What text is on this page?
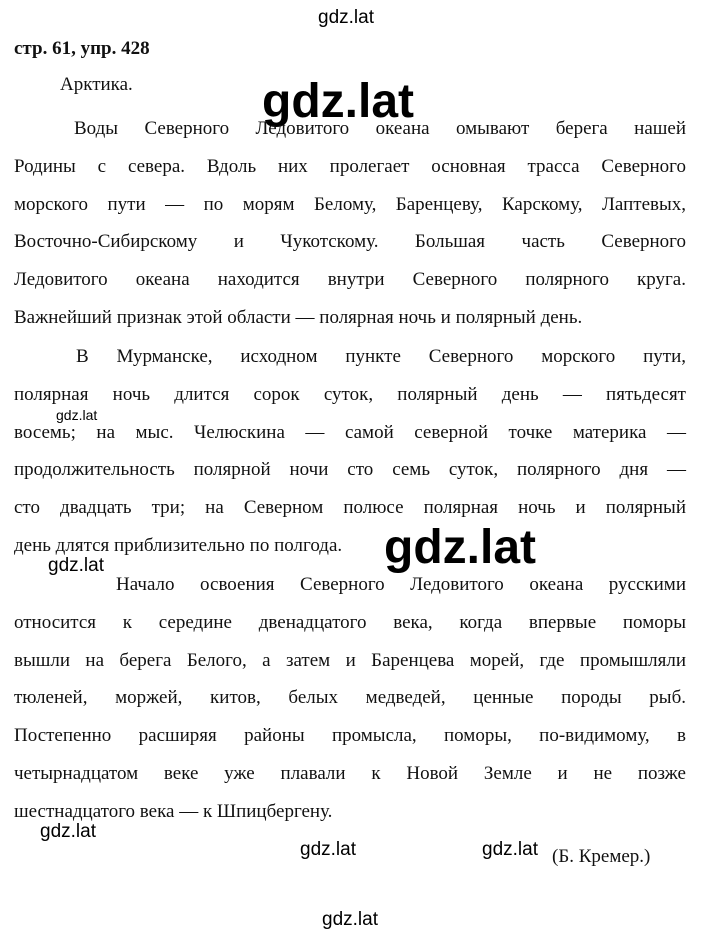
gdz.lat
стр. 61, упр. 428
Арктика.	gdz.lat
Воды Северного Ледовитого океана омывают берега нашей
Родины с севера. Вдоль них пролегает основная трасса Северного
морского пути — по морям Белому, Баренцеву, Карскому, Лаптевых,
Восточно-Сибирскому и Чукотскому. Большая часть Северного
Ледовитого океана находится внутри Северного полярного круга.
Важнейший признак этой области — полярная ночь и полярный день.
В Мурманске, исходном пункте Северного морского пути,
полярная ночь длится сорок суток, полярный день — пятьдесят
восемь; на мыс. Челюскина — самой северной точке материка —
продолжительность полярной ночи сто семь суток, полярного дня —
сто двадцать три; на Северном полюсе полярная ночь и полярный
день длятся приблизительно по полгода.
gdz.lat
gdz.lat
gdz.lat
Начало освоения Северного Ледовитого океана русскими
относится к середине двенадцатого века, когда впервые поморы
вышли на берега Белого, а затем и Баренцева морей, где промышляли
тюленей, моржей, китов, белых медведей, ценные породы рыб.
Постепенно расширяя районы промысла, поморы, по-видимому, в
четырнадцатом веке уже плавали к Новой Земле и не позже
шестнадцатого века — к Шпицбергену.
gdz.lat
gdz.lat	gdz.lat (Б. Кремер.)
gdz.lat
